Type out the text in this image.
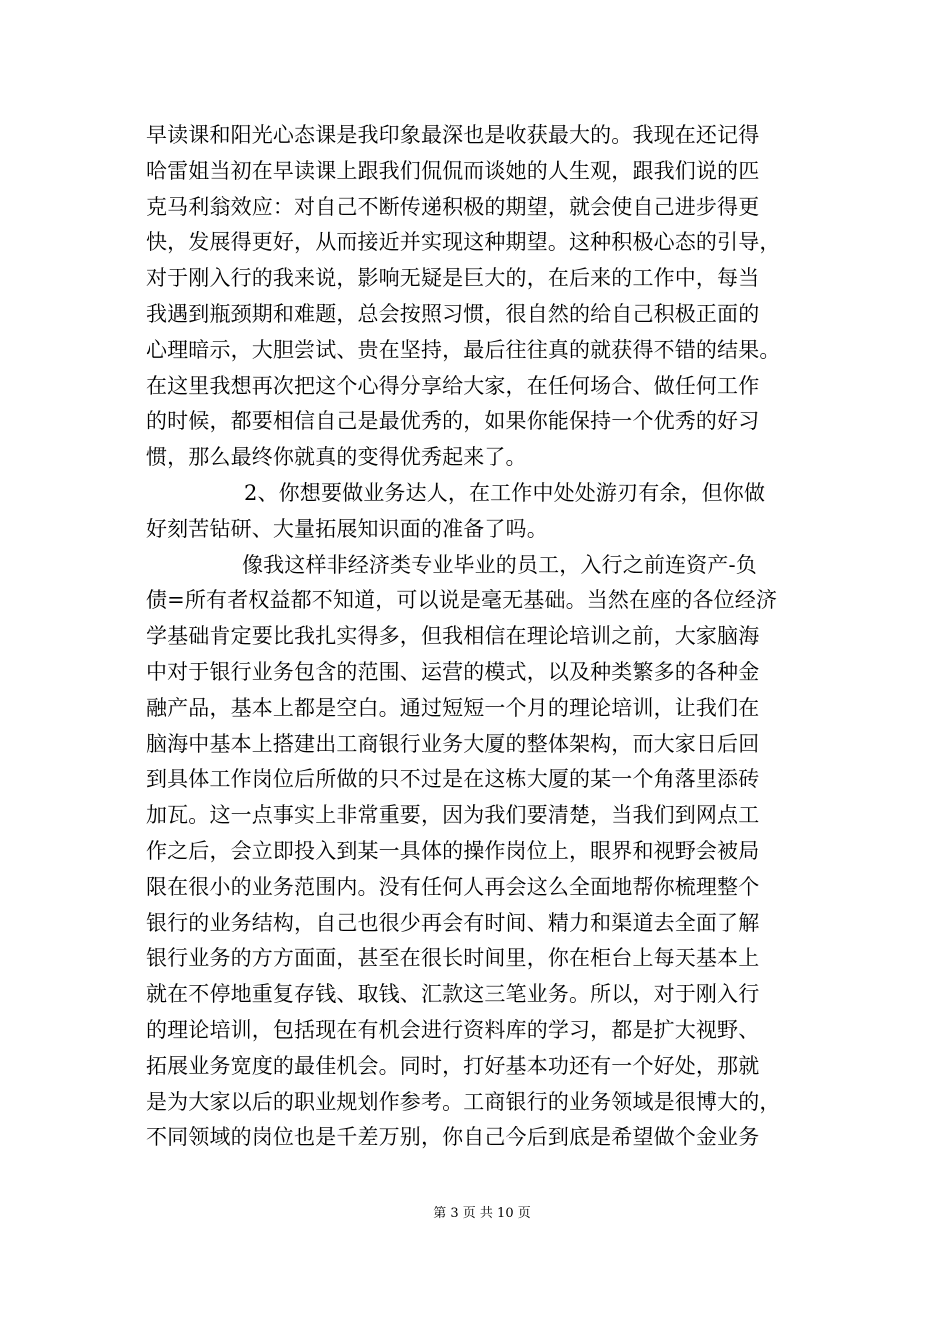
早读课和阳光心态课是我印象最深也是收获最大的。我现在还记得
哈雷姐当初在早读课上跟我们侃侃而谈她的人生观，跟我们说的匹
克马利翁效应：对自己不断传递积极的期望，就会使自己进步得更
快，发展得更好，从而接近并实现这种期望。这种积极心态的引导，
对于刚入行的我来说，影响无疑是巨大的，在后来的工作中，每当
我遇到瓶颈期和难题，总会按照习惯，很自然的给自己积极正面的
心理暗示，大胆尝试、贵在坚持，最后往往真的就获得不错的结果。
在这里我想再次把这个心得分享给大家，在任何场合、做任何工作
的时候，都要相信自己是最优秀的，如果你能保持一个优秀的好习
惯，那么最终你就真的变得优秀起来了。
2、你想要做业务达人，在工作中处处游刃有余，但你做
好刻苦钻研、大量拓展知识面的准备了吗。
像我这样非经济类专业毕业的员工，入行之前连资产-负
债=所有者权益都不知道，可以说是毫无基础。当然在座的各位经济
学基础肯定要比我扎实得多，但我相信在理论培训之前，大家脑海
中对于银行业务包含的范围、运营的模式，以及种类繁多的各种金
融产品，基本上都是空白。通过短短一个月的理论培训，让我们在
脑海中基本上搭建出工商银行业务大厦的整体架构，而大家日后回
到具体工作岗位后所做的只不过是在这栋大厦的某一个角落里添砖
加瓦。这一点事实上非常重要，因为我们要清楚，当我们到网点工
作之后，会立即投入到某一具体的操作岗位上，眼界和视野会被局
限在很小的业务范围内。没有任何人再会这么全面地帮你梳理整个
银行的业务结构，自己也很少再会有时间、精力和渠道去全面了解
银行业务的方方面面，甚至在很长时间里，你在柜台上每天基本上
就在不停地重复存钱、取钱、汇款这三笔业务。所以，对于刚入行
的理论培训，包括现在有机会进行资料库的学习，都是扩大视野、
拓展业务宽度的最佳机会。同时，打好基本功还有一个好处，那就
是为大家以后的职业规划作参考。工商银行的业务领域是很博大的，
不同领域的岗位也是千差万别，你自己今后到底是希望做个金业务
第 3 页 共 10 页
